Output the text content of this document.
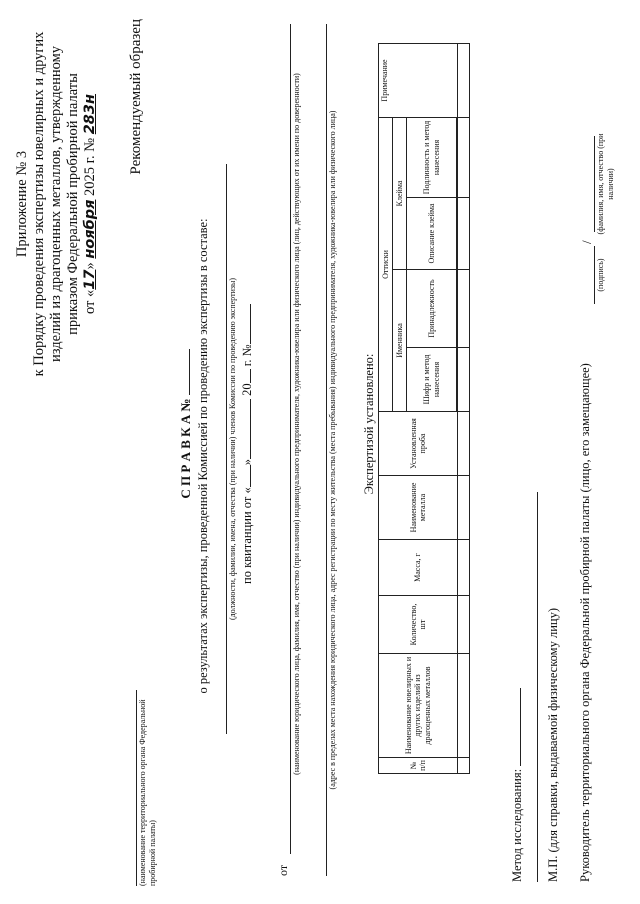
Приложение № 3 к Порядку проведения экспертизы ювелирных и других изделий из драгоценных металлов, утвержденному приказом Федеральной пробирной палаты от «17» ноября 2025 г. № 283н Рекомендуемый образец
(наименование территориального органа Федеральной пробирной палаты)
С П Р А В К А № о результатах экспертизы, проведенной Комиссией по проведению экспертизы в составе: (должности, фамилии, имена, отчества (при наличии) членов Комиссии по проведению экспертизы) по квитанции от «» 20 г. №
от
(наименование юридического лица, фамилия, имя, отчество (при наличии) индивидуального предпринимателя, художника-ювелира или физического лица (лиц, действующих от их имени по доверенности)	(адрес в пределах места нахождения юридического лица, адрес регистрации по месту жительства (места пребывания) индивидуального предпринимателя, художника-ювелира или физического лица) Экспертизой установлено:
№ п/п	Наименование ювелирных и других изделий из драгоценных металлов	Количество, шт	Масса, г	Наименование металла	Установленная проба	Оттиски				Примечание
						Именника		Клейма		
						Шифр и метод нанесения	Принадлежность	Описание клейма	Подлинность и метод нанесения	

Метод исследования: М.П. (для справки, выдаваемой физическому лицу) Руководитель территориального органа Федеральной пробирной палаты (лицо, его замещающее)
/
(подпись)
(фамилия, имя, отчество (при наличии)
